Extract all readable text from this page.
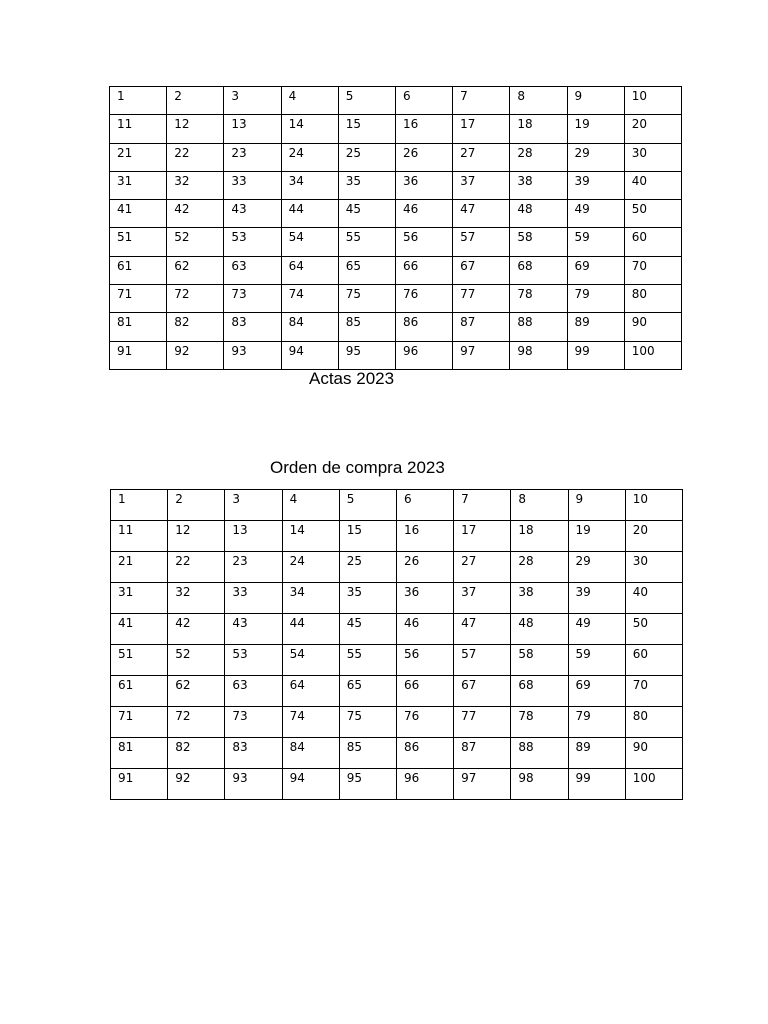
1	2	3	4	5	6	7	8	9	10
11	12	13	14	15	16	17	18	19	20
21	22	23	24	25	26	27	28	29	30
31	32	33	34	35	36	37	38	39	40
41	42	43	44	45	46	47	48	49	50
51	52	53	54	55	56	57	58	59	60
61	62	63	64	65	66	67	68	69	70
71	72	73	74	75	76	77	78	79	80
81	82	83	84	85	86	87	88	89	90
91	92	93	94	95	96	97	98	99	100
Actas 2023
Orden de compra 2023
1	2	3	4	5	6	7	8	9	10
11	12	13	14	15	16	17	18	19	20
21	22	23	24	25	26	27	28	29	30
31	32	33	34	35	36	37	38	39	40
41	42	43	44	45	46	47	48	49	50
51	52	53	54	55	56	57	58	59	60
61	62	63	64	65	66	67	68	69	70
71	72	73	74	75	76	77	78	79	80
81	82	83	84	85	86	87	88	89	90
91	92	93	94	95	96	97	98	99	100
